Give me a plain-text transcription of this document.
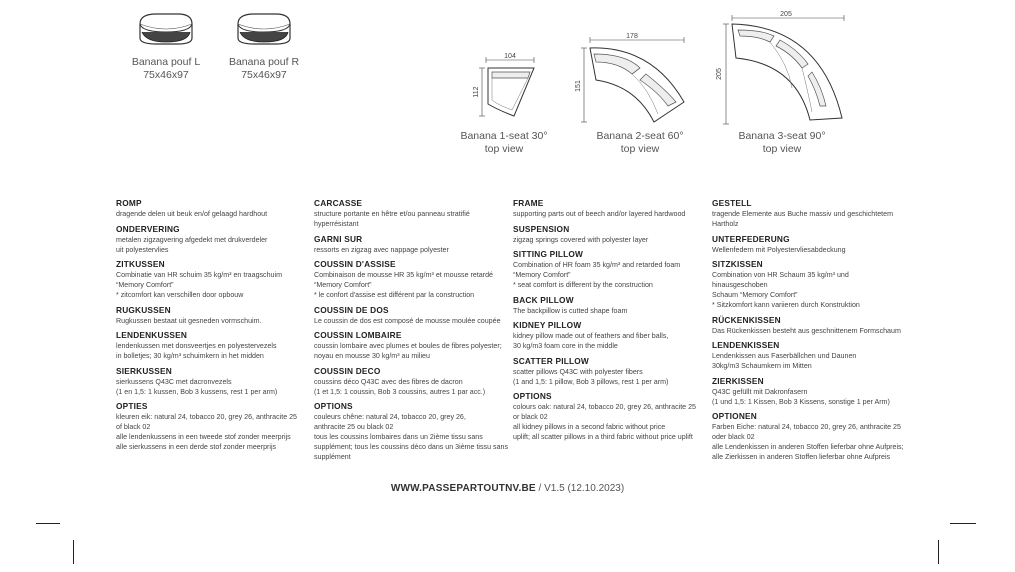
Banana pouf L
75x46x97
Banana pouf R
75x46x97
104
112
Banana 1-seat 30°
top view
178
151
Banana 2-seat 60°
top view
205
205
Banana 3-seat 90°
top view
ROMP
dragende delen uit beuk en/of gelaagd hardhout
ONDERVERING
metalen zigzagvering afgedekt met drukverdeler
uit polyestervlies
ZITKUSSEN
Combinatie van HR schuim 35 kg/m³ en traagschuim
“Memory Comfort”
* zitcomfort kan verschillen door opbouw
RUGKUSSEN
Rugkussen bestaat uit gesneden vormschuim.
LENDENKUSSEN
lendenkussen met donsveertjes en polyestervezels
in bolletjes; 30 kg/m³ schuimkern in het midden
SIERKUSSEN
sierkussens Q43C met dacronvezels
(1 en 1,5: 1 kussen, Bob 3 kussens, rest 1 per arm)
OPTIES
kleuren eik: natural 24, tobacco 20, grey 26, anthracite 25
of black 02
alle lendenkussens in een tweede stof zonder meerprijs
alle sierkussens in een derde stof zonder meerprijs
CARCASSE
structure portante en hêtre et/ou panneau stratifié
hyperrésistant
GARNI SUR
ressorts en zigzag avec nappage polyester
COUSSIN D'ASSISE
Combinaison de mousse HR 35 kg/m³ et mousse retardé
“Memory Comfort”
* le confort d'assise est différent par la construction
COUSSIN DE DOS
Le coussin de dos est composé de mousse moulée coupée
COUSSIN LOMBAIRE
coussin lombaire avec plumes et boules de fibres polyester;
noyau en mousse 30 kg/m³ au milieu
COUSSIN DECO
coussins déco Q43C avec des fibres de dacron
(1 et 1,5: 1 coussin, Bob 3 coussins, autres 1 par acc.)
OPTIONS
couleurs chêne: natural 24, tobacco 20, grey 26,
anthracite 25 ou black 02
tous les coussins lombaires dans un 2ième tissu sans
supplément; tous les coussins déco dans un 3ième tissu sans
supplément
FRAME
supporting parts out of beech and/or layered hardwood
SUSPENSION
zigzag springs covered with polyester layer
SITTING PILLOW
Combination of HR foam 35 kg/m³ and retarded foam
“Memory Comfort”
* seat comfort is different by the construction
BACK PILLOW
The backpillow is cutted shape foam
KIDNEY PILLOW
kidney pillow made out of feathers and fiber balls,
30 kg/m3 foam core in the middle
SCATTER PILLOW
scatter pillows Q43C with polyester fibers
(1 and 1,5: 1 pillow, Bob 3 pillows, rest 1 per arm)
OPTIONS
colours oak: natural 24, tobacco 20, grey 26, anthracite 25
or black 02
all kidney pillows in a second fabric without price
uplift; all scatter pillows in a third fabric without price uplift
GESTELL
tragende Elemente aus Buche massiv und geschichtetem
Hartholz
UNTERFEDERUNG
Wellenfedern mit Polyestervliesabdeckung
SITZKISSEN
Combination von HR Schaum 35 kg/m³ und
hinausgeschoben
Schaum “Memory Comfort”
* Sitzkomfort kann variieren durch Konstruktion
RÜCKENKISSEN
Das Rückenkissen besteht aus geschnittenem Formschaum
LENDENKISSEN
Lendenkissen aus Faserbällchen und Daunen
30kg/m3 Schaumkern im Mitten
ZIERKISSEN
Q43C gefüllt mit Dakronfasern
(1 und 1,5: 1 Kissen, Bob 3 Kissens, sonstige 1 per Arm)
OPTIONEN
Farben Eiche: natural 24, tobacco 20, grey 26, anthracite 25
oder black 02
alle Lendenkissen in anderen Stoffen lieferbar ohne Aufpreis;
alle Zierkissen in anderen Stoffen lieferbar ohne Aufpreis
WWW.PASSEPARTOUTNV.BE / V1.5 (12.10.2023)
